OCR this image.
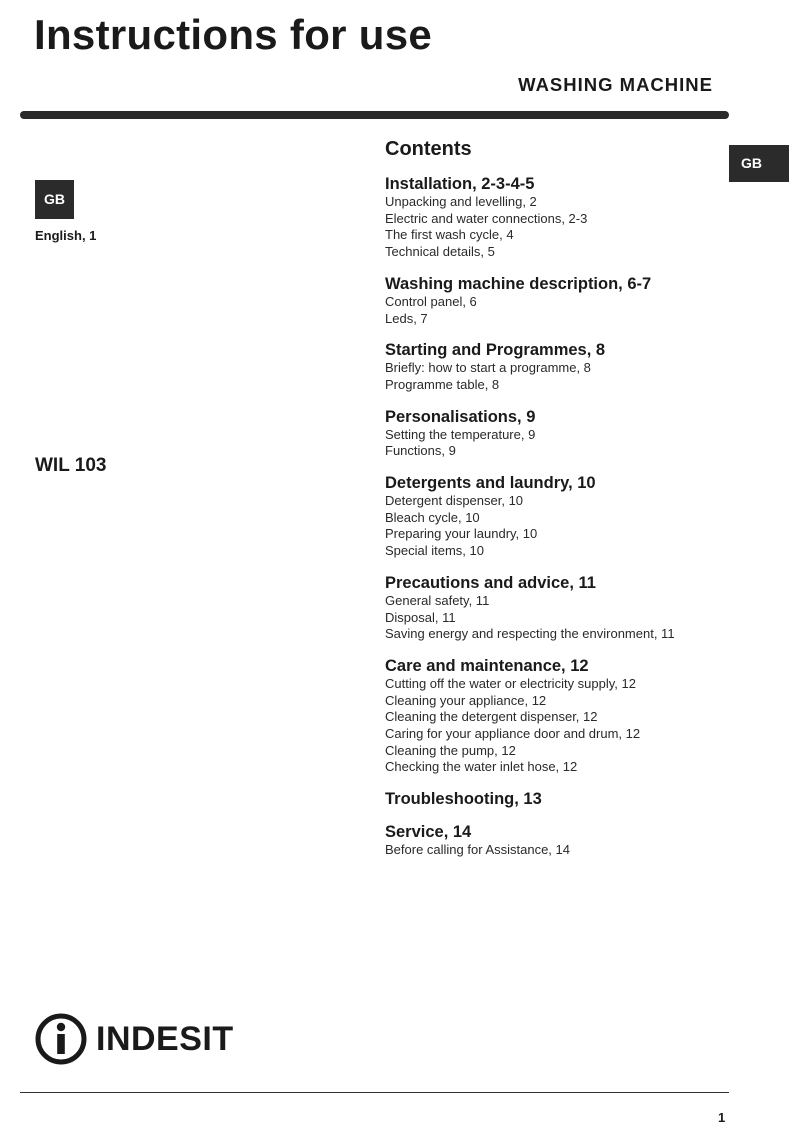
Instructions for use
WASHING MACHINE
GB
GB
English, 1
WIL 103
Contents
Installation, 2-3-4-5
Unpacking and levelling, 2
Electric and water connections, 2-3
The first wash cycle, 4
Technical details, 5
Washing machine description, 6-7
Control panel, 6
Leds, 7
Starting and Programmes, 8
Briefly: how to start a programme, 8
Programme table, 8
Personalisations, 9
Setting the temperature, 9
Functions, 9
Detergents and laundry, 10
Detergent dispenser, 10
Bleach cycle, 10
Preparing your laundry, 10
Special items, 10
Precautions and advice, 11
General safety, 11
Disposal, 11
Saving energy and respecting the environment, 11
Care and maintenance, 12
Cutting off the water or electricity supply, 12
Cleaning your appliance, 12
Cleaning the detergent dispenser, 12
Caring for your appliance door and drum, 12
Cleaning the pump, 12
Checking the water inlet hose, 12
Troubleshooting, 13
Service, 14
Before calling for Assistance, 14
INDESIT
1
